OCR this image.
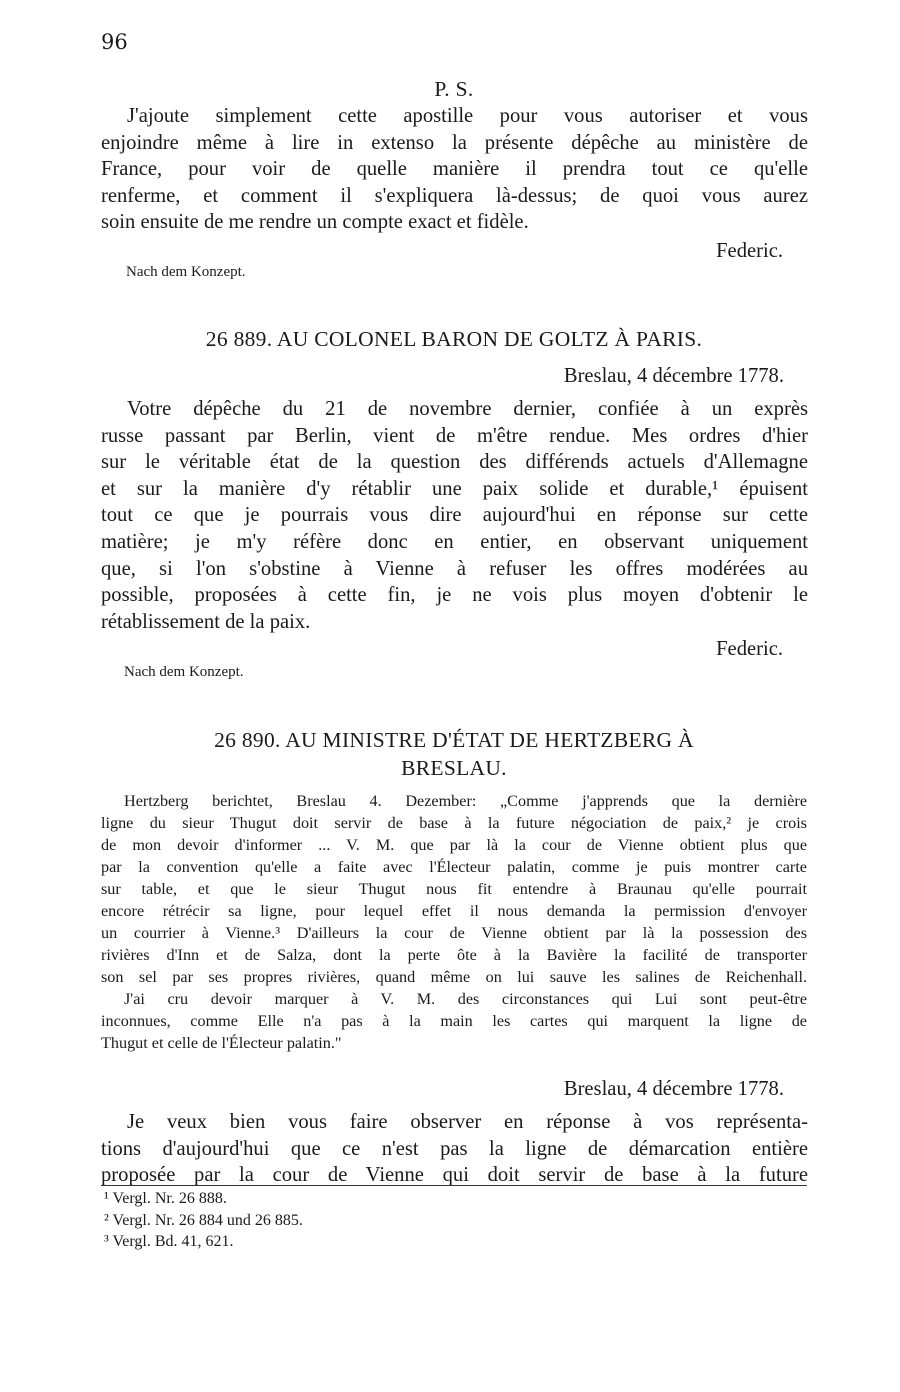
96
P. S.
J'ajoute simplement cette apostille pour vous autoriser et vous
enjoindre même à lire in extenso la présente dépêche au ministère de
France, pour voir de quelle manière il prendra tout ce qu'elle
renferme, et comment il s'expliquera là-dessus; de quoi vous aurez
soin ensuite de me rendre un compte exact et fidèle.
Federic.
Nach dem Konzept.
26 889. AU COLONEL BARON DE GOLTZ À PARIS.
Breslau, 4 décembre 1778.
Votre dépêche du 21 de novembre dernier, confiée à un exprès
russe passant par Berlin, vient de m'être rendue. Mes ordres d'hier
sur le véritable état de la question des différends actuels d'Allemagne
et sur la manière d'y rétablir une paix solide et durable,¹ épuisent
tout ce que je pourrais vous dire aujourd'hui en réponse sur cette
matière; je m'y réfère donc en entier, en observant uniquement
que, si l'on s'obstine à Vienne à refuser les offres modérées au
possible, proposées à cette fin, je ne vois plus moyen d'obtenir le
rétablissement de la paix.
Federic.
Nach dem Konzept.
26 890. AU MINISTRE D'ÉTAT DE HERTZBERG À
BRESLAU.
Hertzberg berichtet, Breslau 4. Dezember: „Comme j'apprends que la dernière
ligne du sieur Thugut doit servir de base à la future négociation de paix,² je crois
de mon devoir d'informer ... V. M. que par là la cour de Vienne obtient plus que
par la convention qu'elle a faite avec l'Électeur palatin, comme je puis montrer carte
sur table, et que le sieur Thugut nous fit entendre à Braunau qu'elle pourrait
encore rétrécir sa ligne, pour lequel effet il nous demanda la permission d'envoyer
un courrier à Vienne.³ D'ailleurs la cour de Vienne obtient par là la possession des
rivières d'Inn et de Salza, dont la perte ôte à la Bavière la facilité de transporter
son sel par ses propres rivières, quand même on lui sauve les salines de Reichenhall.
J'ai cru devoir marquer à V. M. des circonstances qui Lui sont peut-être
inconnues, comme Elle n'a pas à la main les cartes qui marquent la ligne de
Thugut et celle de l'Électeur palatin."
Breslau, 4 décembre 1778.
Je veux bien vous faire observer en réponse à vos représenta-
tions d'aujourd'hui que ce n'est pas la ligne de démarcation entière
proposée par la cour de Vienne qui doit servir de base à la future
¹ Vergl. Nr. 26 888.
² Vergl. Nr. 26 884 und 26 885.
³ Vergl. Bd. 41, 621.
